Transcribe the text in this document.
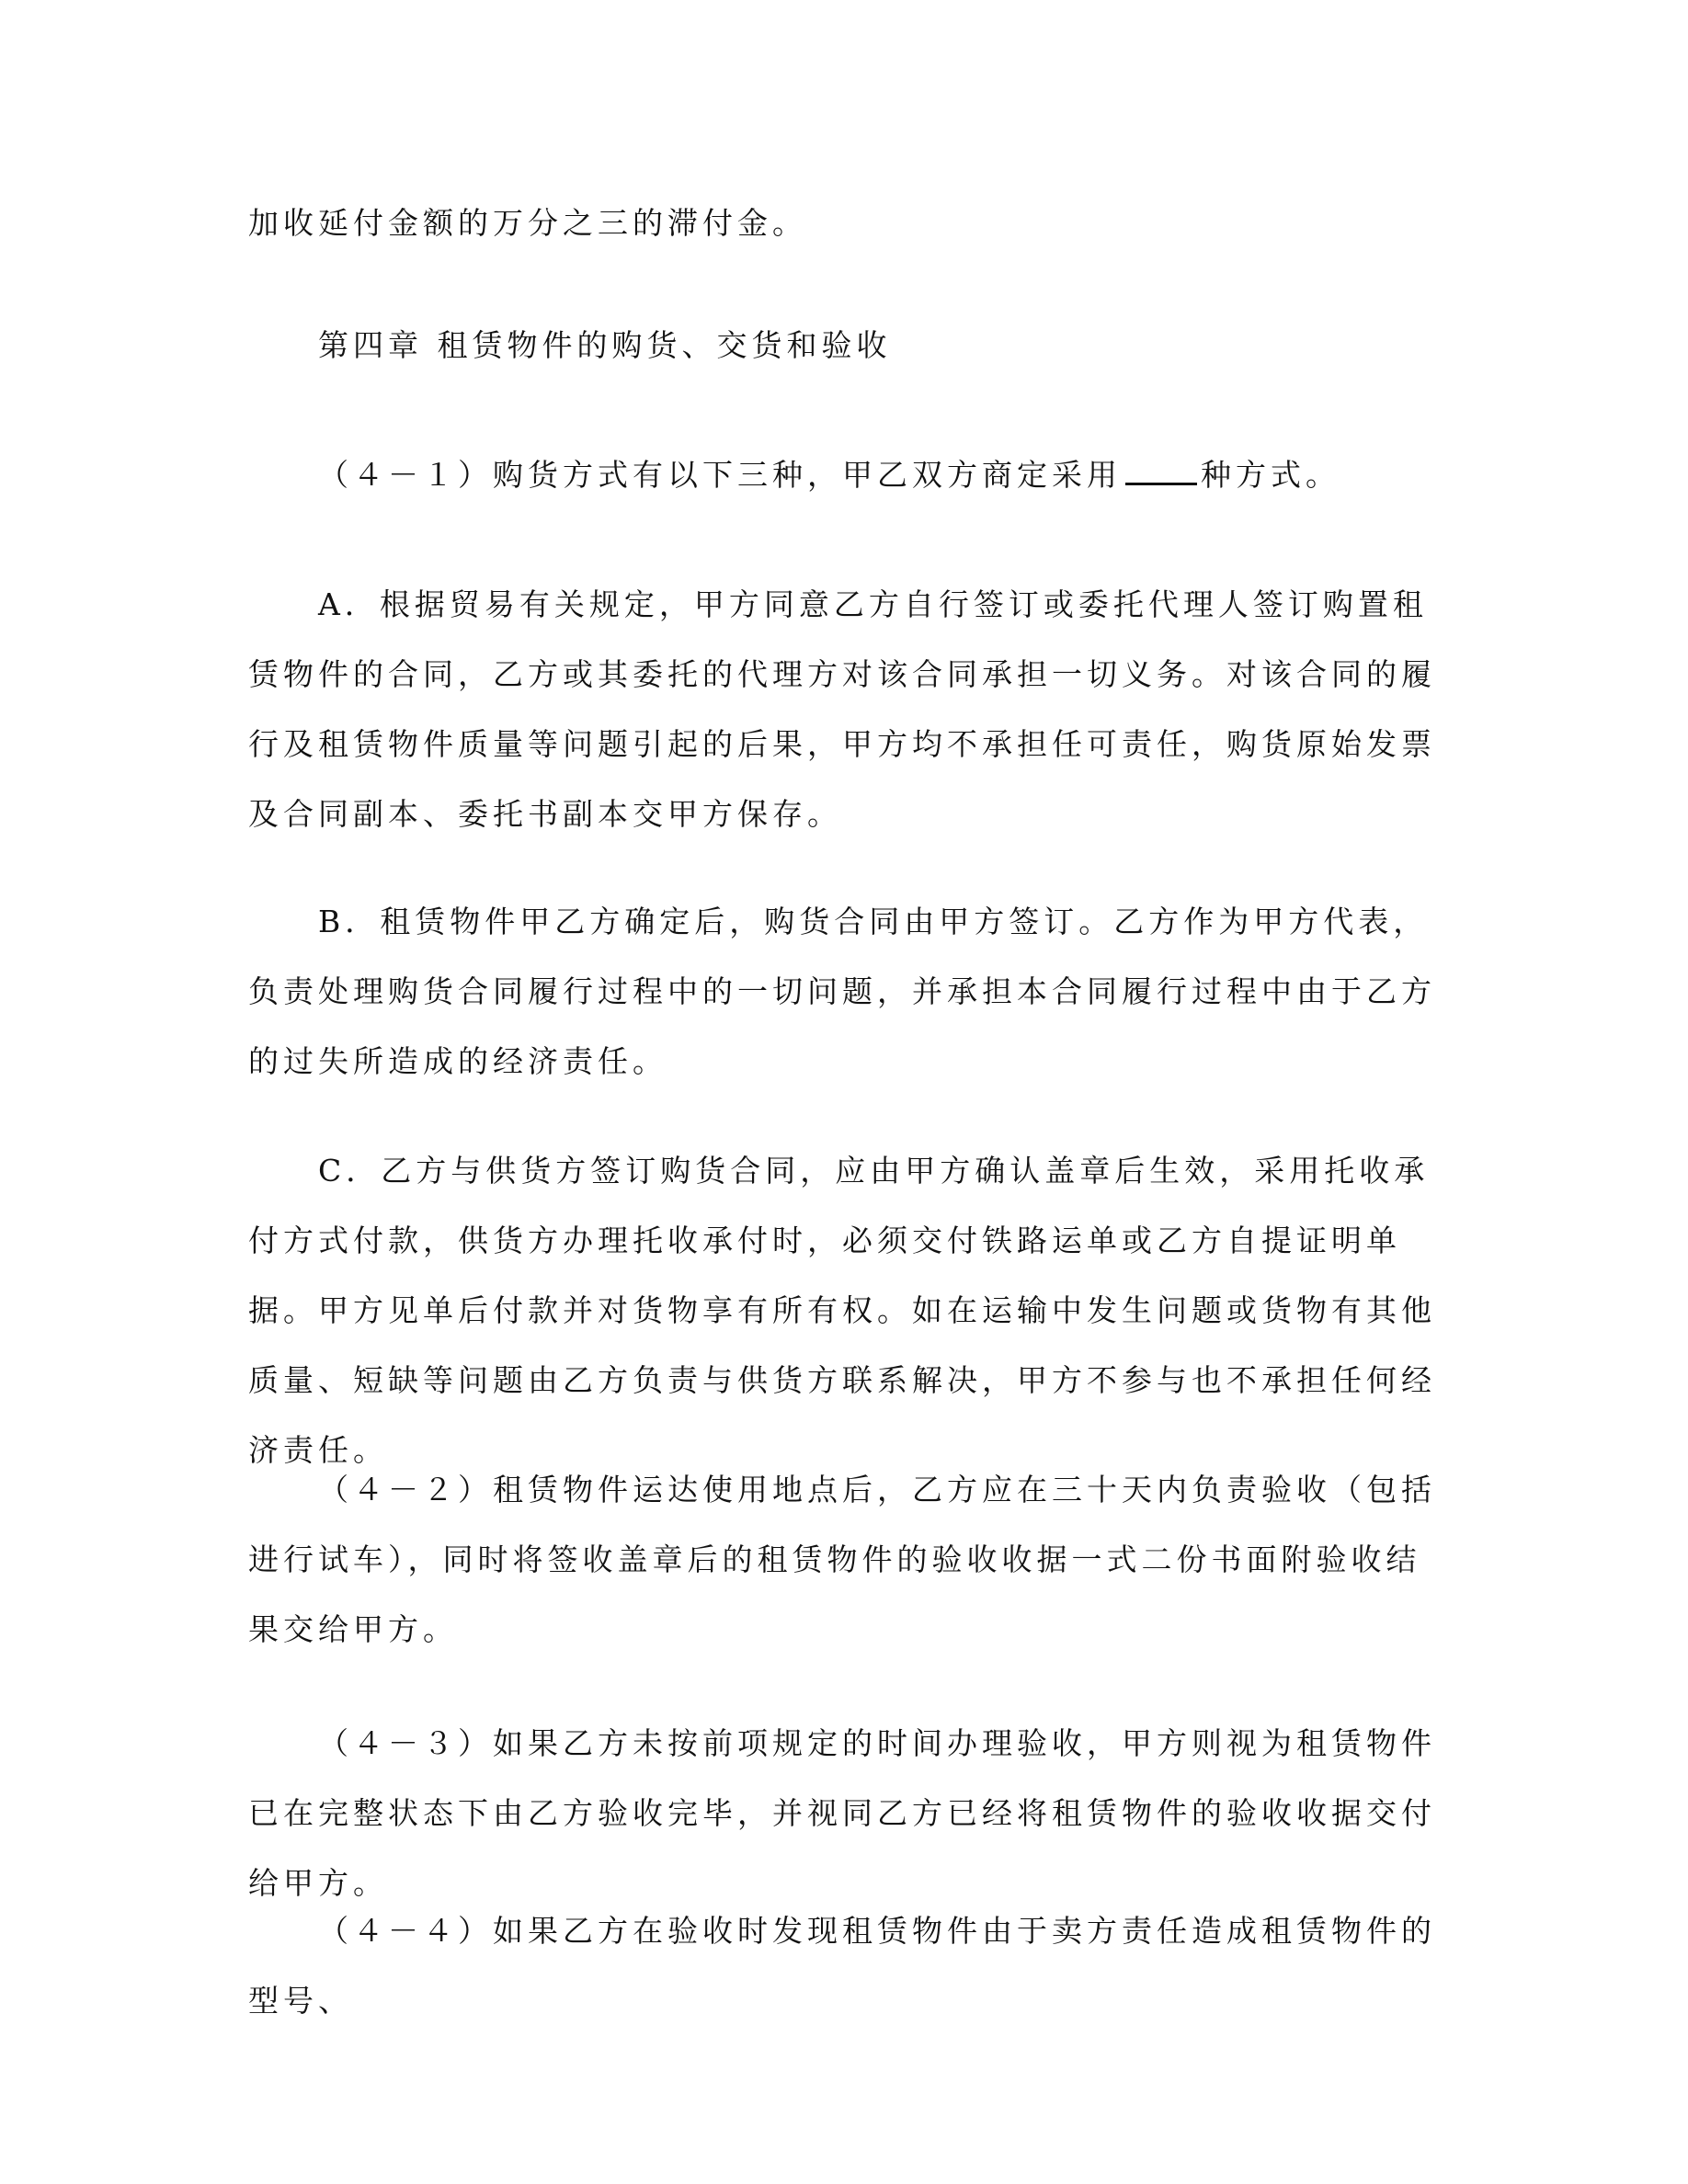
加收延付金额的万分之三的滞付金。

第四章 租赁物件的购货、交货和验收

（４－１）购货方式有以下三种，甲乙双方商定采用	种方式。

A．根据贸易有关规定，甲方同意乙方自行签订或委托代理人签订购置租赁物件的合同，乙方或其委托的代理方对该合同承担一切义务。对该合同的履行及租赁物件质量等问题引起的后果，甲方均不承担任可责任，购货原始发票及合同副本、委托书副本交甲方保存。

B．租赁物件甲乙方确定后，购货合同由甲方签订。乙方作为甲方代表，负责处理购货合同履行过程中的一切问题，并承担本合同履行过程中由于乙方的过失所造成的经济责任。

C．乙方与供货方签订购货合同，应由甲方确认盖章后生效，采用托收承付方式付款，供货方办理托收承付时，必须交付铁路运单或乙方自提证明单据。甲方见单后付款并对货物享有所有权。如在运输中发生问题或货物有其他质量、短缺等问题由乙方负责与供货方联系解决，甲方不参与也不承担任何经济责任。

（４－２）租赁物件运达使用地点后，乙方应在三十天内负责验收（包括进行试车），同时将签收盖章后的租赁物件的验收收据一式二份书面附验收结果交给甲方。

（４－３）如果乙方未按前项规定的时间办理验收，甲方则视为租赁物件已在完整状态下由乙方验收完毕，并视同乙方已经将租赁物件的验收收据交付给甲方。

（４－４）如果乙方在验收时发现租赁物件由于卖方责任造成租赁物件的型号、
